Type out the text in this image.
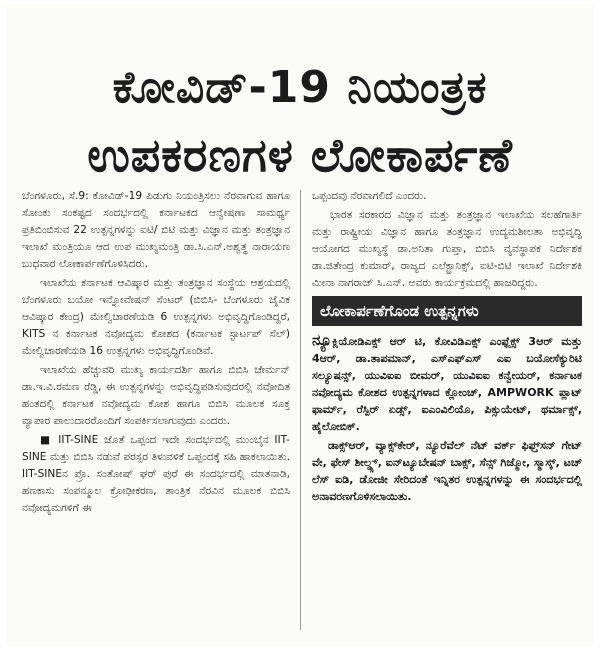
ಕೋವಿಡ್-19 ನಿಯಂತ್ರಕ
ಉಪಕರಣಗಳ ಲೋಕಾರ್ಪಣೆ

ಬೆಂಗಳೂರು, ಸೆ.9: ಕೋವಿಡ್-19 ಪಿಡುಗು ನಿಯಂತ್ರಿಸಲು ನೆರವಾಗುವ ಹಾಗೂ ಸೋಂಕು ಸಂಕಷ್ಟದ ಸಂದರ್ಭದಲ್ಲಿ ಕರ್ನಾಟಕದ ಆನ್ವೇಷಣಾ ಸಾಮರ್ಥ್ಯ ಪ್ರತಿಬಿಂಬಿಸುವ 22 ಉತ್ಪನ್ನಗಳನ್ನು ಐಟಿ/ ಬಿಟಿ ಮತ್ತು ವಿಜ್ಞಾನ ಮತ್ತು ತಂತ್ರಜ್ಞಾನ ಇಲಾಖೆ ಮಂತ್ರಿಯೂ ಆದ ಉಪ ಮುಖ್ಯಮಂತ್ರಿ ಡಾ.ಸಿ.ಎನ್.ಅಶ್ವತ್ಥ ನಾರಾಯಣ ಬುಧವಾರ ಲೋಕಾರ್ಪಣೆಗೊಳಿಸಿದರು.

ಇಲಾಖೆಯ ಕರ್ನಾಟಕ ಆವಿಷ್ಕಾರ ಮತ್ತು ತಂತ್ರಜ್ಞಾನ ಸಂಸ್ಥೆಯ ಆಶ್ರಯದಲ್ಲಿ ಬೆಂಗಳೂರು ಬಯೋ ಇನ್ನೋವೇಷನ್ ಸೆಂಟರ್ (ಬಿಬಿಸಿ- ಬೆಂಗಳೂರು ಜೈವಿಕ ಆವಿಷ್ಕಾರ ಕೇಂದ್ರ) ಮೇಲ್ವಿಚಾರಣೆಯಡಿ 6 ಉತ್ಪನ್ನಗಳು ಅಭಿವೃದ್ಧಿಗೊಂಡಿದ್ದರೆ, KITS ನ ಕರ್ನಾಟಕ ನವೋದ್ಯಮ ಕೋಶದ (ಕರ್ನಾಟಕ ಸ್ಟಾರ್ಟಪ್ ಸೆಲ್) ಮೇಲ್ವಿಚಾರಣೆಯಡಿ 16 ಉತ್ಪನ್ನಗಳು ಅಭಿವೃದ್ಧಿಗೊಂಡಿವೆ.

ಇಲಾಖೆಯ ಹೆಚ್ಚುವರಿ ಮುಖ್ಯ ಕಾರ್ಯದರ್ಶಿ ಹಾಗೂ ಬಿಬಿಸಿ ಚೇರ್ಮನ್ ಡಾ.ಇ.ವಿ.ರಮಣ ರೆಡ್ಡಿ, ಈ ಉತ್ಪನ್ನಗಳನ್ನು ಅಭಿವೃದ್ಧಿಪಡಿಸುವುದರಲ್ಲಿ ನವೋದಿತ ಹಂತದಲ್ಲಿ ಕರ್ನಾಟಕ ನವೋದ್ಯಮ ಕೋಶ ಹಾಗೂ ಬಿಬಿಸಿ ಮೂಲಕ ಸೂಕ್ತ ವ್ಯಾಪಾರ ಪಾಲುದಾರರೊಂದಿಗೆ ಸಂಪರ್ಕಿಸಲಾಗುವುದು ಎಂದರು.

■ IIT-SINE ಜೊತೆ ಒಪ್ಪಂದ ಇದೇ ಸಂದರ್ಭದಲ್ಲಿ ಮುಂಬೈನ IIT-SINE ಮತ್ತು ಬಿಬಿಸಿ ನಡುವೆ ಪರಸ್ಪರ ತಿಳುವಳಿಕೆ ಒಪ್ಪಂದಕ್ಕೆ ಸಹಿ ಹಾಕಲಾಯಿತು. IIT-SINEನ ಪ್ರೊ. ಸಂತೋಷ್ ಘರ್ ಪುರೆ ಈ ಸಂದರ್ಭದಲ್ಲಿ ಮಾತನಾಡಿ, ಹಣಕಾಸು ಸಂಪನ್ಮೂಲ ಕ್ರೋಢೀಕರಣ, ತಾಂತ್ರಿಕ ನೆರವಿನ ಮೂಲಕ ಬಿಬಿಸಿ ನವೋದ್ಯಮಗಳಿಗೆ ಈ

ಒಪ್ಪಂದವು ನೆರವಾಗಲಿದೆ ಎಂದರು.

ಭಾರತ ಸರಕಾರದ ವಿಜ್ಞಾನ ಮತ್ತು ತಂತ್ರಜ್ಞಾನ ಇಲಾಖೆಯ ಸಲಹೆಗಾರ್ತಿ ಮತ್ತು ರಾಷ್ಟ್ರೀಯ ವಿಜ್ಞಾನ ಹಾಗೂ ತಂತ್ರಜ್ಞಾನ ಉದ್ಯಮಶೀಲತಾ ಅಭಿವೃದ್ಧಿ ಆಯೋಗದ ಮುಖ್ಯಸ್ಥೆ ಡಾ.ಅನಿತಾ ಗುಪ್ತಾ, ಬಿಬಿಸಿ ವ್ಯವಸ್ಥಾಪಕ ನಿರ್ದೇಶಕ ಡಾ.ಜಿತೇಂದ್ರ ಕುಮಾರ್, ರಾಜ್ಯದ ಎಲೆಕ್ಟ್ರಾನಿಕ್ಸ್, ಐಟಿ-ಬಿಟಿ ಇಲಾಖೆ ನಿರ್ದೇಶಕಿ ಮೀನಾ ನಾಗರಾಜ್ ಸಿ.ಎನ್. ಅವರು ಕಾರ್ಯಕ್ರಮದಲ್ಲಿ ಹಾಜರಿದ್ದರು.

ಲೋಕಾರ್ಪಣೆಗೊಂಡ ಉತ್ಪನ್ನಗಳು

ನ್ಯೂಕ್ಲಿಯೋಡಿಎಕ್ಸ್ ಆರ್ ಟಿ, ಕೋವಿಡಿಎಕ್ಸ್ ಎಂಫ್ಲೆಕ್ಸ್ 3ಆರ್ ಮತ್ತು 4ಆರ್, ಡಾ.ತಾಪಮಾನ್, ಎಸ್ಎಫ್ಎಸ್ ಎಐ ಬಯೋಸೆಕ್ಯುರಿಟಿ ಸಲ್ಯೂಷನ್ಸ್, ಯುವಿಐಐ ಬೀಮರ್, ಯುವಿಐಐ ಕನ್ವೇಯರ್, ಕರ್ನಾಟಕ ನವೋದ್ಯಮ ಕೋಶದ ಉತ್ಪನ್ನಗಳಾದ ಕ್ಲೋಂಚ್, AMPWORK ಪ್ಲಾಟ್ ಫಾರ್ಮ್, ರೆಸ್ಪಿರ್ ಏಡ್ಸ್, ಐಎಂವಿಲಿಯೊ, ಪಿಕ್ಸುಯೇಟ್, ಥರ್ಮಾಕ್ಸ್, ಹೈಲೋಬಿಕ್.

ಡಾಕ್ಸ್‌ಆರ್, ವ್ಯಾಕ್ಸ್‌ಕೇರ್, ನ್ಯೂರೆವೆಲ್ ನೆಟ್ ವರ್ಕ್ ಫಿಫ್ತ್‌ಸನ್ ಗೇಟ್ ವೇ, ಫೇಸ್ ಶೀಲ್ಡ್ಸ್, ಐನ್‌ಟ್ಯೂಬೇಷನ್ ಬಾಕ್ಸ್, ಸೆನ್ಸ್ ಗಿಜ್ಮೋ, ಸ್ಮಾಸ್ಕ್, ಟಚ್ ಲೆಸ್ ಐಡಿ, ಡೋಜೀ ಸೇರಿದಂತೆ ಇನ್ನಿತರ ಉತ್ಪನ್ನಗಳನ್ನು ಈ ಸಂದರ್ಭದಲ್ಲಿ ಅನಾವರಣಗೊಳಿಸಲಾಯಿತು.
